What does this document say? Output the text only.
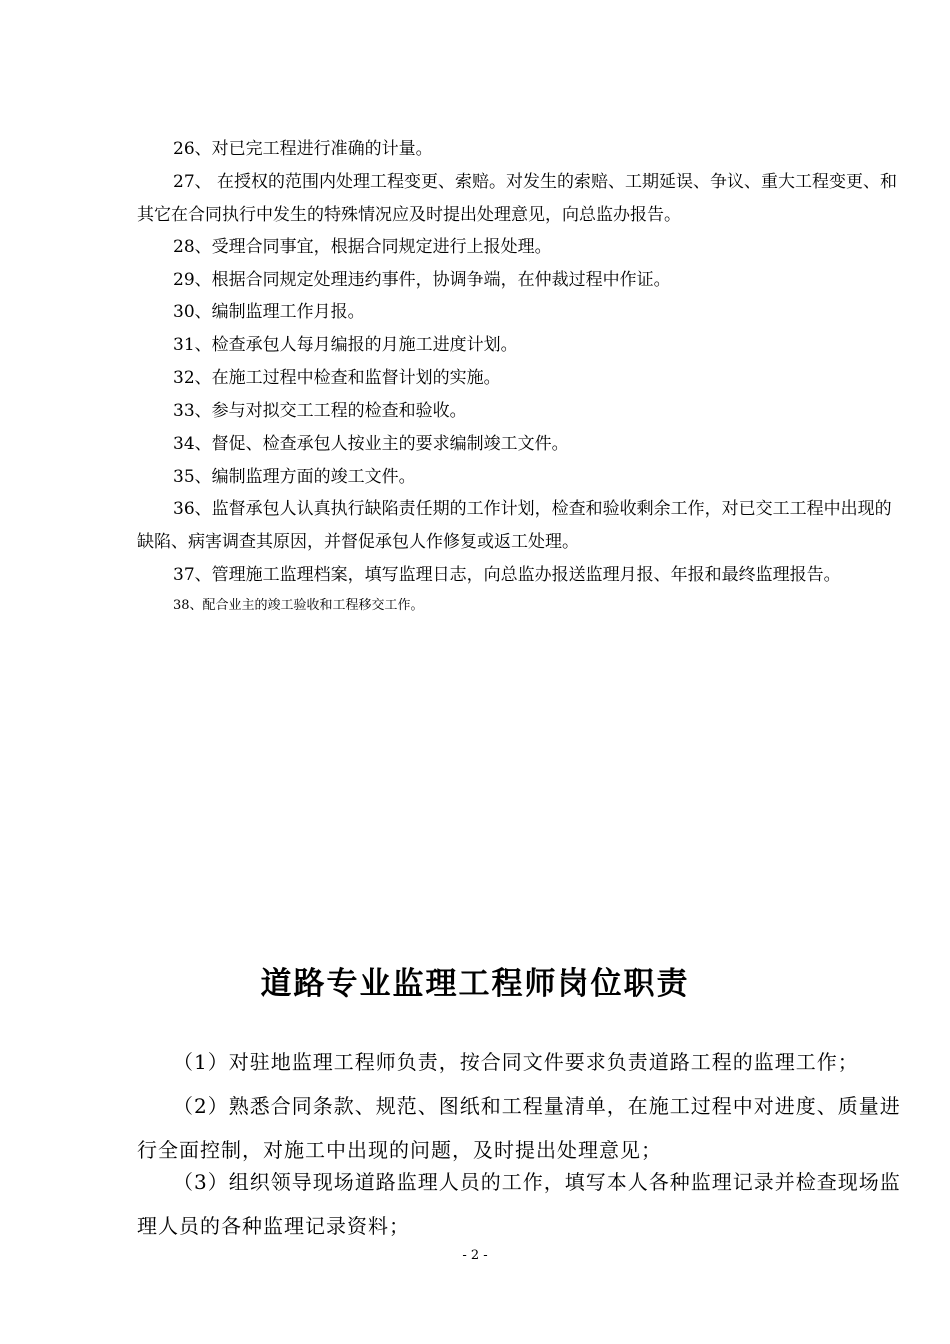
26、对已完工程进行准确的计量。

27、 在授权的范围内处理工程变更、索赔。对发生的索赔、工期延误、争议、重大工程变更、和其它在合同执行中发生的特殊情况应及时提出处理意见，向总监办报告。

28、受理合同事宜，根据合同规定进行上报处理。

29、根据合同规定处理违约事件，协调争端，在仲裁过程中作证。

30、编制监理工作月报。

31、检查承包人每月编报的月施工进度计划。

32、在施工过程中检查和监督计划的实施。

33、参与对拟交工工程的检查和验收。

34、督促、检查承包人按业主的要求编制竣工文件。

35、编制监理方面的竣工文件。

36、监督承包人认真执行缺陷责任期的工作计划，检查和验收剩余工作，对已交工工程中出现的缺陷、病害调查其原因，并督促承包人作修复或返工处理。

37、管理施工监理档案，填写监理日志，向总监办报送监理月报、年报和最终监理报告。

38、配合业主的竣工验收和工程移交工作。

道路专业监理工程师岗位职责

（1）对驻地监理工程师负责，按合同文件要求负责道路工程的监理工作；

（2）熟悉合同条款、规范、图纸和工程量清单，在施工过程中对进度、质量进行全面控制，对施工中出现的问题，及时提出处理意见；

（3）组织领导现场道路监理人员的工作，填写本人各种监理记录并检查现场监理人员的各种监理记录资料；

- 2 -
